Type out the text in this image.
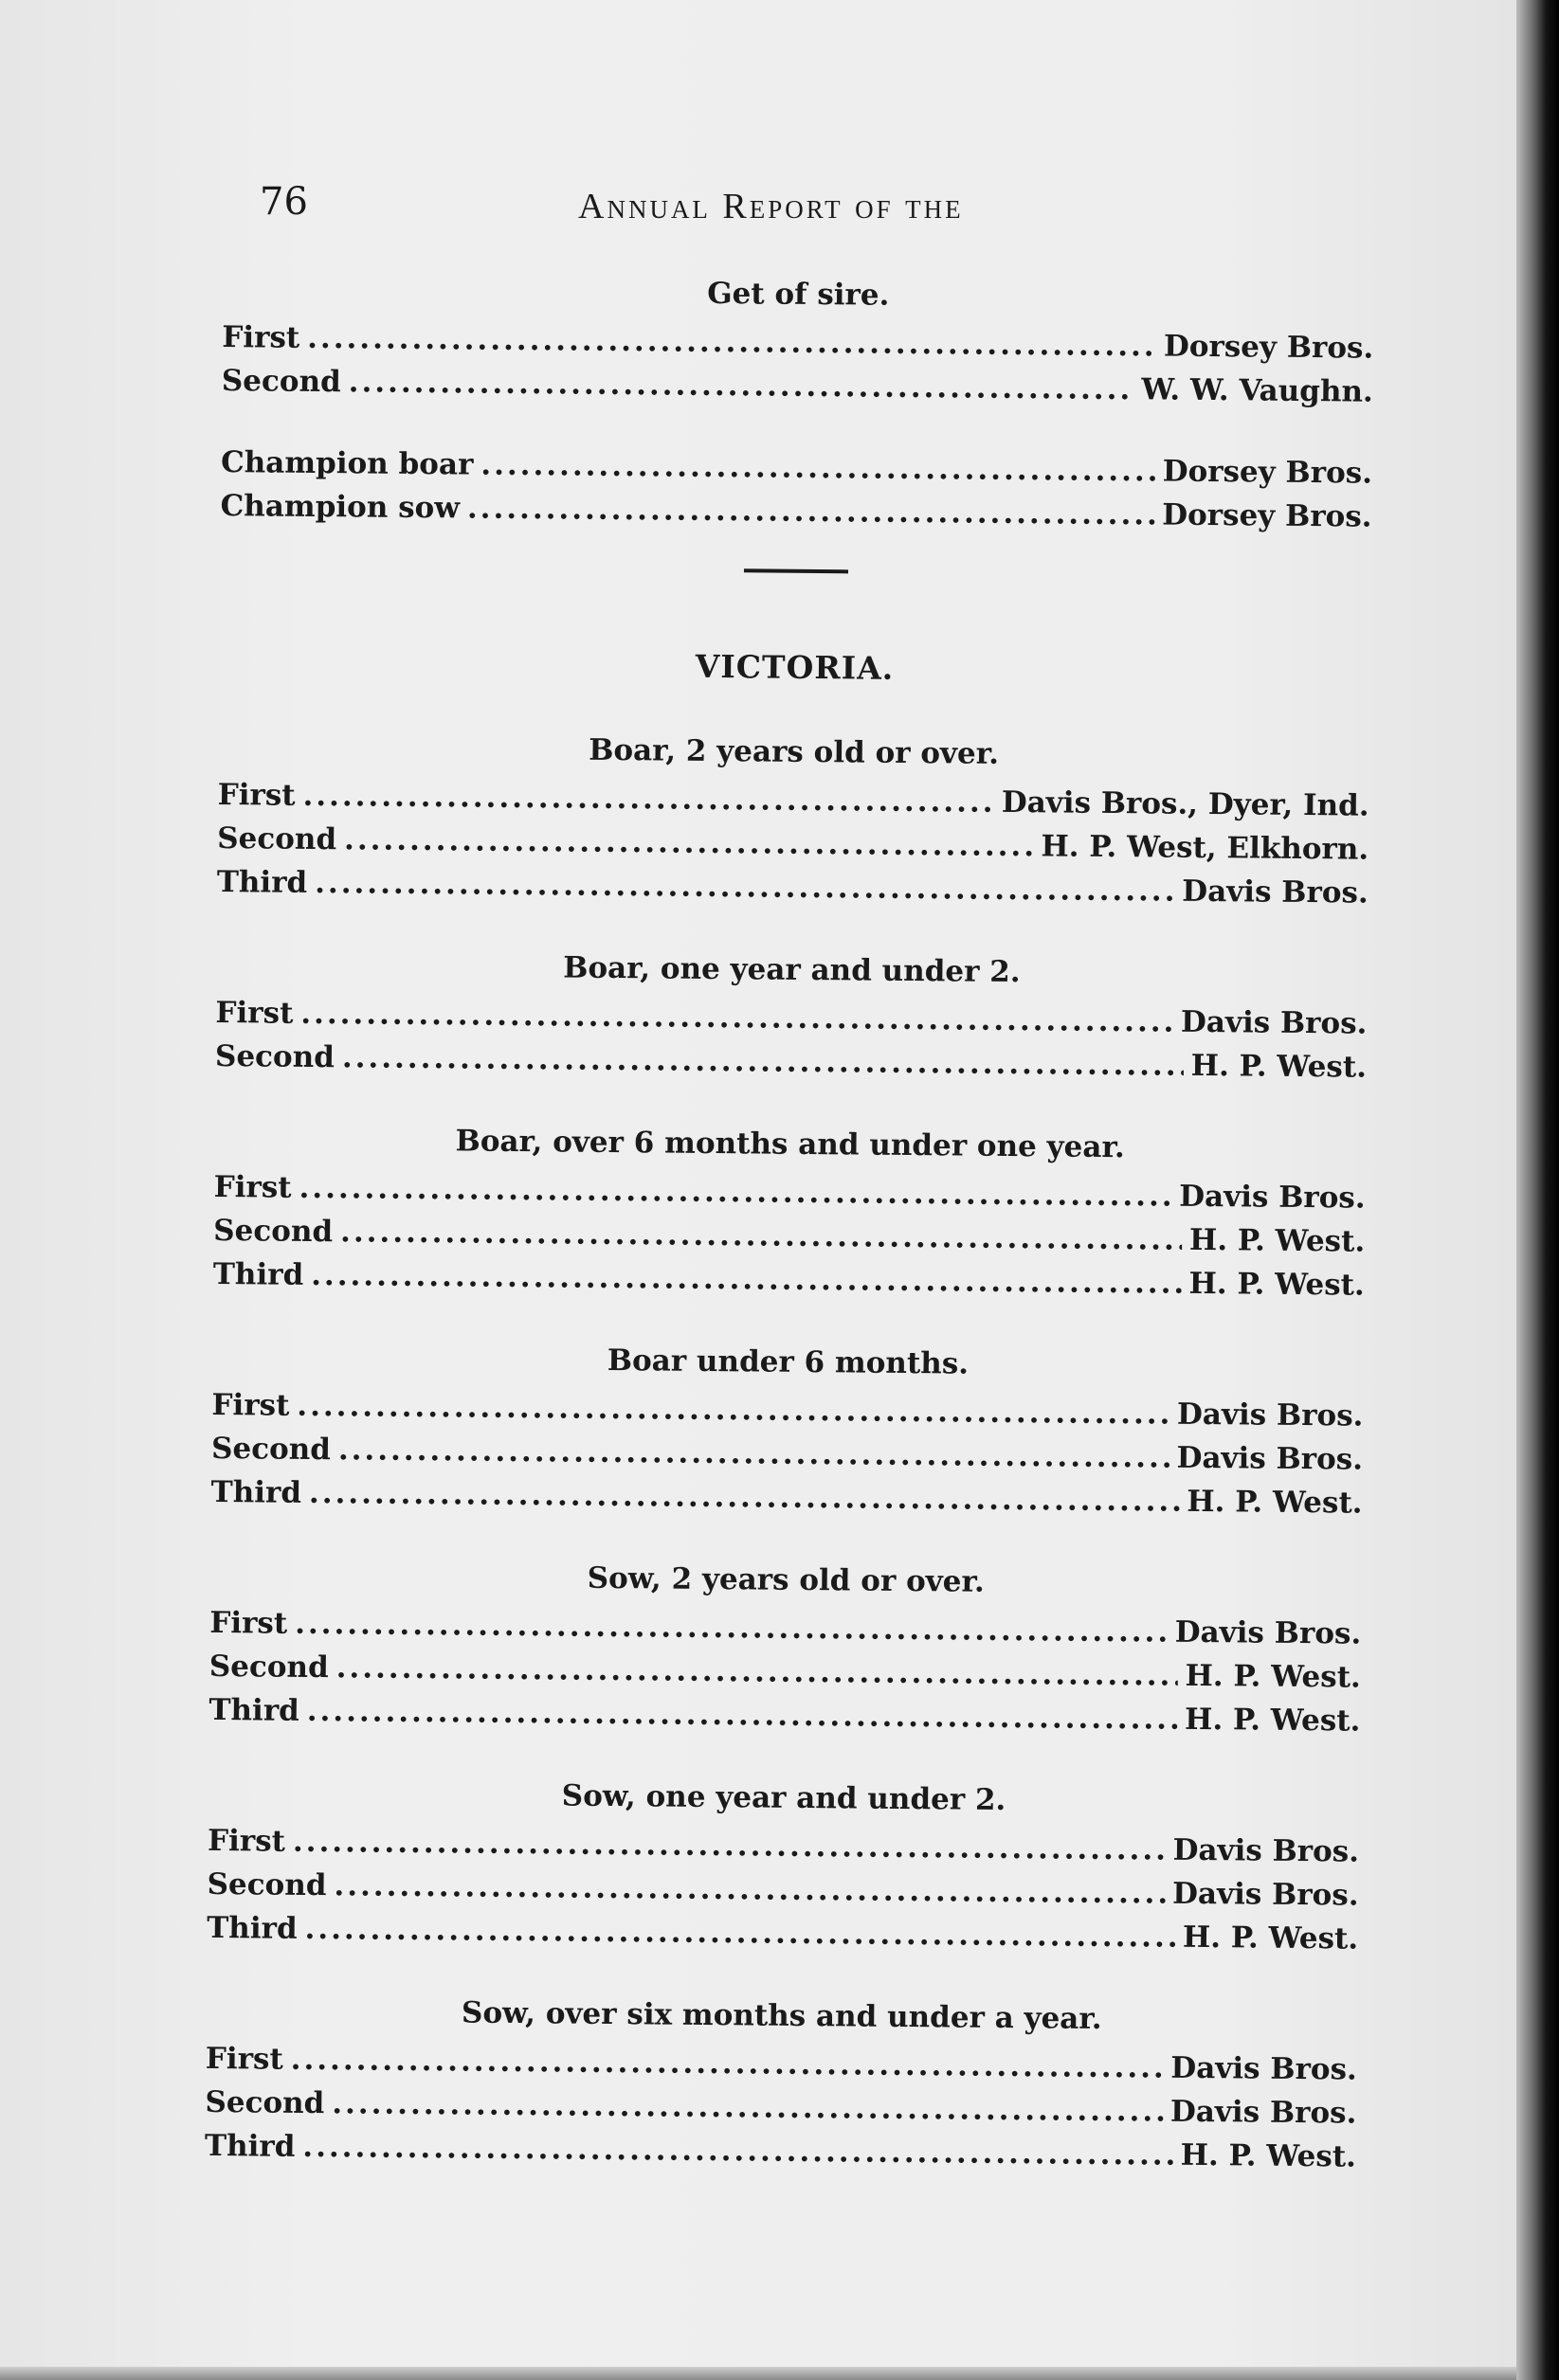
76	Annual Report of the
Get of sire.
First .....	Dorsey Bros.
Second .....	W. W. Vaughn.
Champion boar .....	Dorsey Bros.
Champion sow .....	Dorsey Bros.
VICTORIA.
Boar, 2 years old or over.
First .....	Davis Bros., Dyer, Ind.
Second .....	H. P. West, Elkhorn.
Third .....	Davis Bros.
Boar, one year and under 2.
First .....	Davis Bros.
Second .....	H. P. West.
Boar, over 6 months and under one year.
First .....	Davis Bros.
Second .....	H. P. West.
Third .....	H. P. West.
Boar under 6 months.
First .....	Davis Bros.
Second .....	Davis Bros.
Third .....	H. P. West.
Sow, 2 years old or over.
First .....	Davis Bros.
Second .....	H. P. West.
Third .....	H. P. West.
Sow, one year and under 2.
First .....	Davis Bros.
Second .....	Davis Bros.
Third .....	H. P. West.
Sow, over six months and under a year.
First .....	Davis Bros.
Second .....	Davis Bros.
Third .....	H. P. West.
